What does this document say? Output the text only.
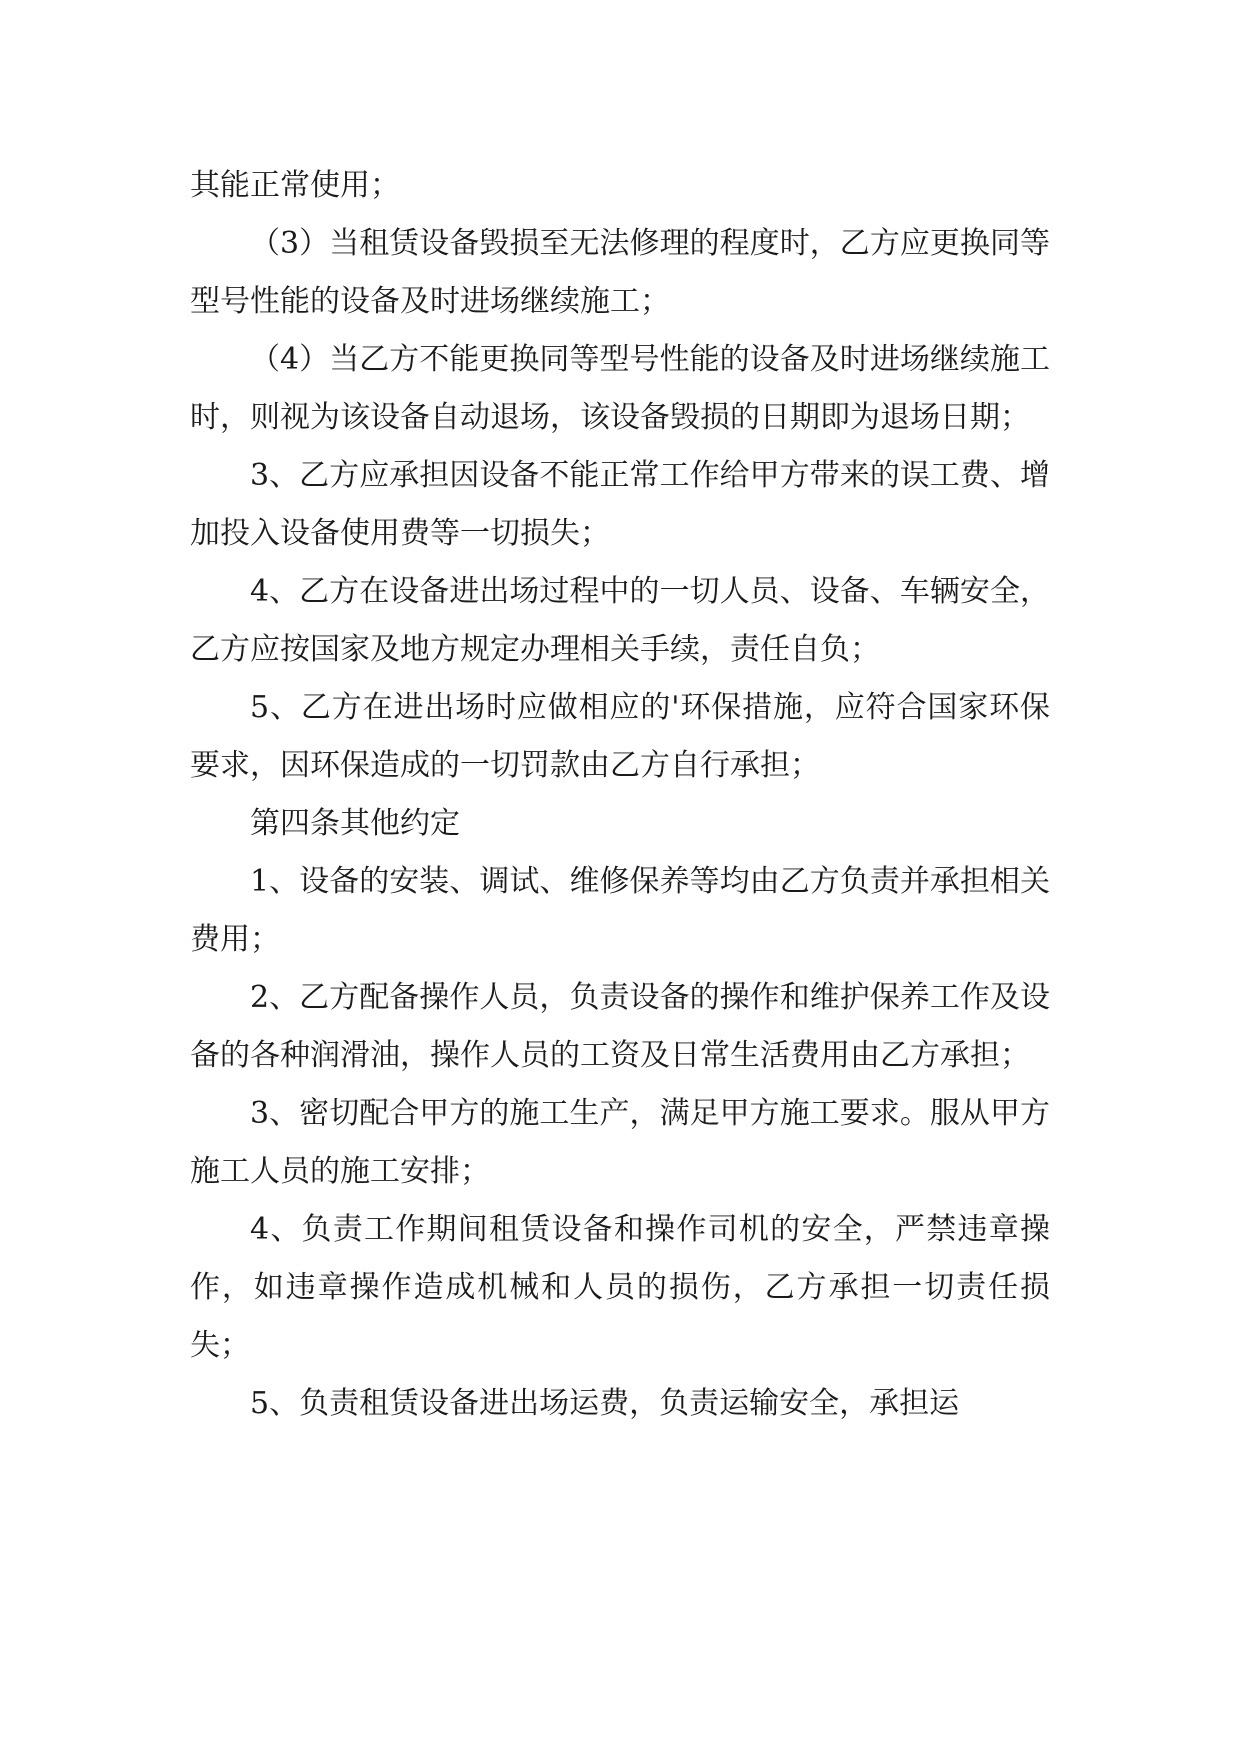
其能正常使用；

（3）当租赁设备毁损至无法修理的程度时，乙方应更换同等型号性能的设备及时进场继续施工；

（4）当乙方不能更换同等型号性能的设备及时进场继续施工时，则视为该设备自动退场，该设备毁损的日期即为退场日期；

3、乙方应承担因设备不能正常工作给甲方带来的误工费、增加投入设备使用费等一切损失；

4、乙方在设备进出场过程中的一切人员、设备、车辆安全，乙方应按国家及地方规定办理相关手续，责任自负；

5、乙方在进出场时应做相应的'环保措施，应符合国家环保要求，因环保造成的一切罚款由乙方自行承担；

第四条其他约定

1、设备的安装、调试、维修保养等均由乙方负责并承担相关费用；

2、乙方配备操作人员，负责设备的操作和维护保养工作及设备的各种润滑油，操作人员的工资及日常生活费用由乙方承担；

3、密切配合甲方的施工生产，满足甲方施工要求。服从甲方施工人员的施工安排；

4、负责工作期间租赁设备和操作司机的安全，严禁违章操作，如违章操作造成机械和人员的损伤，乙方承担一切责任损失；

5、负责租赁设备进出场运费，负责运输安全，承担运
